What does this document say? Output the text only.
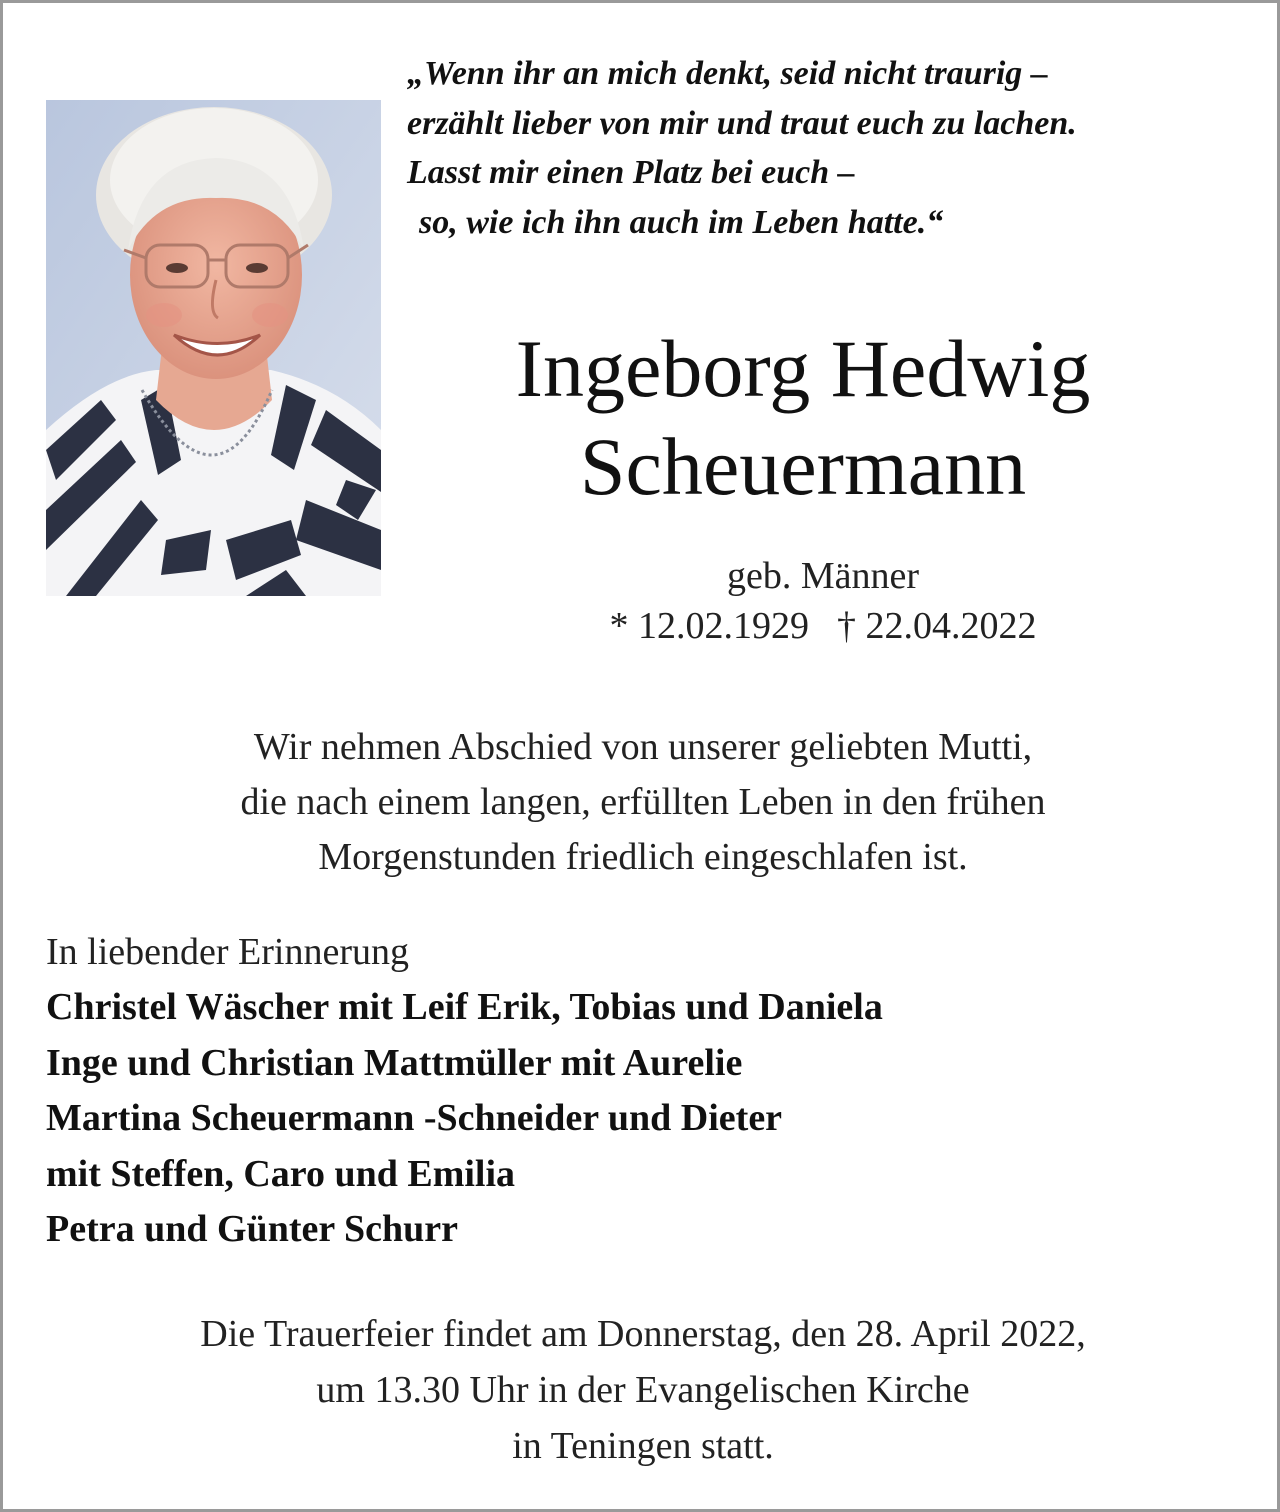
„Wenn ihr an mich denkt, seid nicht traurig –
erzählt lieber von mir und traut euch zu lachen.
Lasst mir einen Platz bei euch –
so, wie ich ihn auch im Leben hatte.“
Ingeborg Hedwig
Scheuermann
geb. Männer
* 12.02.1929 † 22.04.2022
Wir nehmen Abschied von unserer geliebten Mutti,
die nach einem langen, erfüllten Leben in den frühen
Morgenstunden friedlich eingeschlafen ist.
In liebender Erinnerung
Christel Wäscher mit Leif Erik, Tobias und Daniela
Inge und Christian Mattmüller mit Aurelie
Martina Scheuermann -Schneider und Dieter
mit Steffen, Caro und Emilia
Petra und Günter Schurr
Die Trauerfeier findet am Donnerstag, den 28. April 2022,
um 13.30 Uhr in der Evangelischen Kirche
in Teningen statt.
